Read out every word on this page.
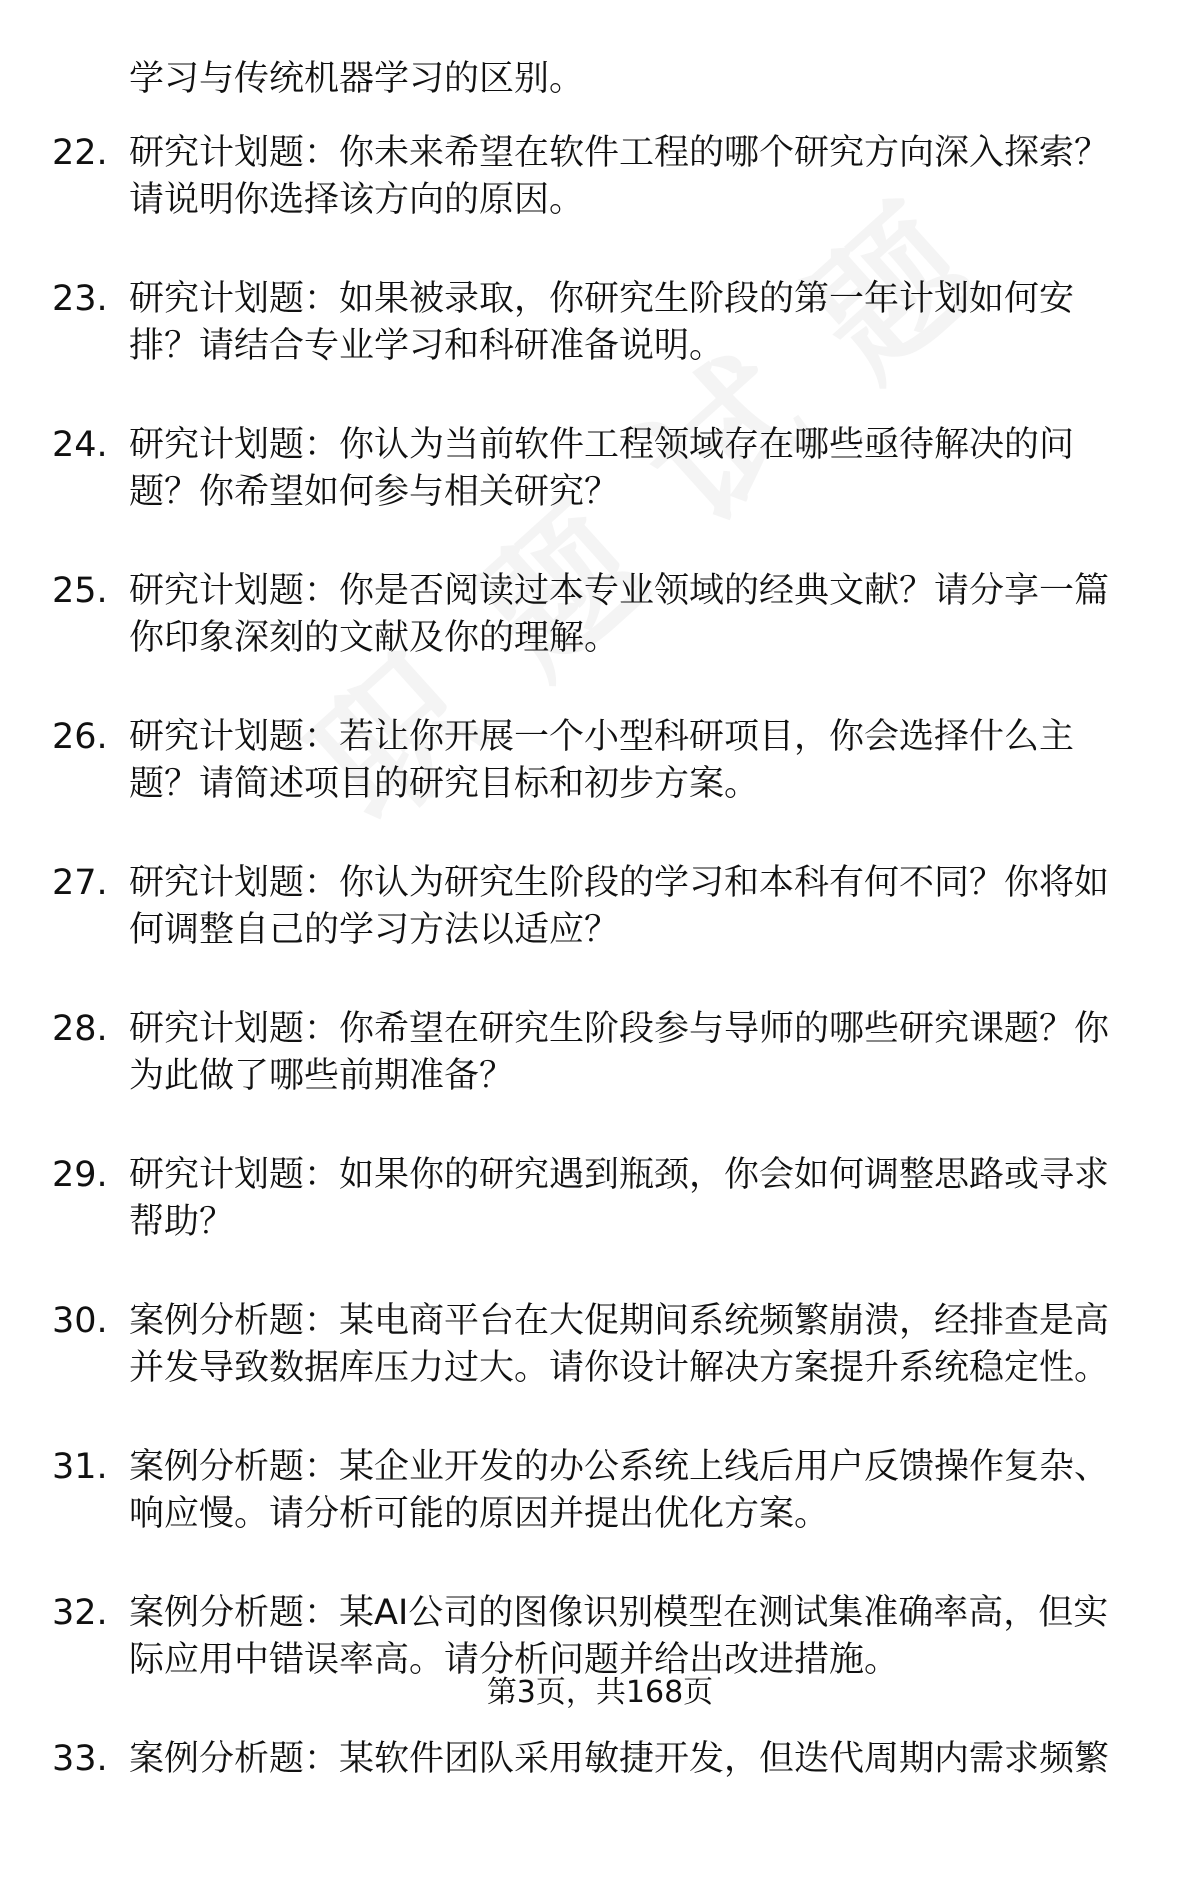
学习与传统机器学习的区别。

22. 研究计划题：你未来希望在软件工程的哪个研究方向深入探索？请说明你选择该方向的原因。
23. 研究计划题：如果被录取，你研究生阶段的第一年计划如何安排？请结合专业学习和科研准备说明。
24. 研究计划题：你认为当前软件工程领域存在哪些亟待解决的问题？你希望如何参与相关研究？
25. 研究计划题：你是否阅读过本专业领域的经典文献？请分享一篇你印象深刻的文献及你的理解。
26. 研究计划题：若让你开展一个小型科研项目，你会选择什么主题？请简述项目的研究目标和初步方案。
27. 研究计划题：你认为研究生阶段的学习和本科有何不同？你将如何调整自己的学习方法以适应？
28. 研究计划题：你希望在研究生阶段参与导师的哪些研究课题？你为此做了哪些前期准备？
29. 研究计划题：如果你的研究遇到瓶颈，你会如何调整思路或寻求帮助？
30. 案例分析题：某电商平台在大促期间系统频繁崩溃，经排查是高并发导致数据库压力过大。请你设计解决方案提升系统稳定性。
31. 案例分析题：某企业开发的办公系统上线后用户反馈操作复杂、响应慢。请分析可能的原因并提出优化方案。
32. 案例分析题：某AI公司的图像识别模型在测试集准确率高，但实际应用中错误率高。请分析问题并给出改进措施。
33. 案例分析题：某软件团队采用敏捷开发，但迭代周期内需求频繁
第3页，共168页
